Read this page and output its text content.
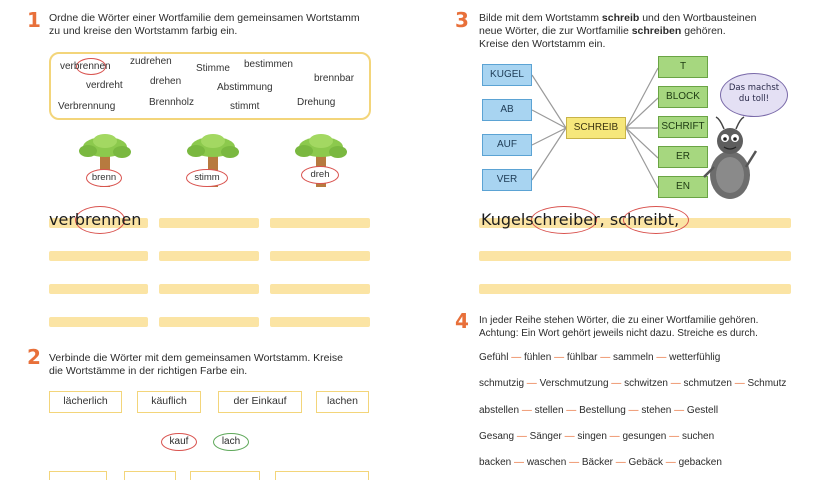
1 Ordne die Wörter einer Wortfamilie dem gemeinsamen Wortstamm
zu und kreise den Wortstamm farbig ein.
verbrennen zudrehen	bestimmen
Stimme
brennbar
verdreht	drehen
Abstimmung
Verbrennung	Brennholz	stimmt	Drehung
brenn	stimm	dreh
verbrennen
2 Verbinde die Wörter mit dem gemeinsamen Wortstamm. Kreise
die Wortstämme in der richtigen Farbe ein.
lächerlich	käuflich	der Einkauf	lachen
kauf	lach
3 Bilde mit dem Wortstamm schreib und den Wortbausteinen
neue Wörter, die zur Wortfamilie schreiben gehören.
Kreise den Wortstamm ein.
KUGEL
AB
AUF
VER
SCHREIB
T
BLOCK
SCHRIFT
ER
EN
Das machst du toll!
Kugelschreiber, schreibt,
4 In jeder Reihe stehen Wörter, die zu einer Wortfamilie gehören.
Achtung: Ein Wort gehört jeweils nicht dazu. Streiche es durch.
Gefühl — fühlen — fühlbar — sammeln — wetterfühlig
schmutzig — Verschmutzung — schwitzen — schmutzen — Schmutz
abstellen — stellen — Bestellung — stehen — Gestell
Gesang — Sänger — singen — gesungen — suchen
backen — waschen — Bäcker — Gebäck — gebacken
